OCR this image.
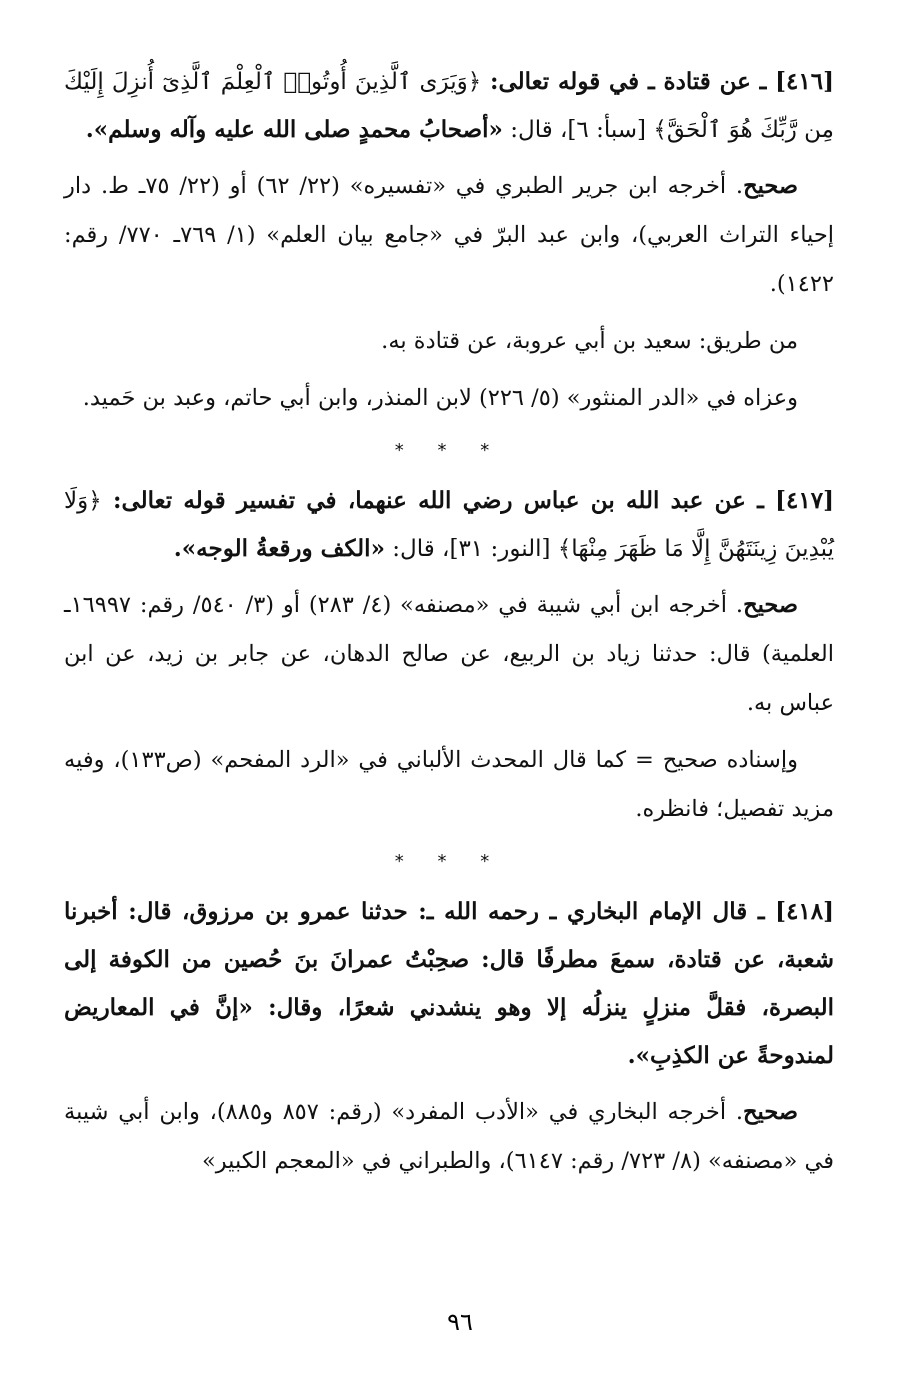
[٤١٦] ـ عن قتادة ـ في قوله تعالى: ﴿وَيَرَى ٱلَّذِينَ أُوتُوا۟ ٱلْعِلْمَ ٱلَّذِىٓ أُنزِلَ إِلَيْكَ مِن رَّبِّكَ هُوَ ٱلْحَقَّ﴾ [سبأ: ٦]، قال: «أصحابُ محمدٍ صلى الله عليه وآله وسلم».

صحيح. أخرجه ابن جرير الطبري في «تفسيره» (٢٢/ ٦٢) أو (٢٢/ ٧٥ـ ط. دار إحياء التراث العربي)، وابن عبد البرّ في «جامع بيان العلم» (١/ ٧٦٩ـ ٧٧٠/ رقم: ١٤٢٢).

من طريق: سعيد بن أبي عروبة، عن قتادة به.

وعزاه في «الدر المنثور» (٥/ ٢٢٦) لابن المنذر، وابن أبي حاتم، وعبد بن حَميد.

* * *

[٤١٧] ـ عن عبد الله بن عباس رضي الله عنهما، في تفسير قوله تعالى: ﴿وَلَا يُبْدِينَ زِينَتَهُنَّ إِلَّا مَا ظَهَرَ مِنْهَا﴾ [النور: ٣١]، قال: «الكف ورقعةُ الوجه».

صحيح. أخرجه ابن أبي شيبة في «مصنفه» (٤/ ٢٨٣) أو (٣/ ٥٤٠/ رقم: ١٦٩٩٧ـ العلمية) قال: حدثنا زياد بن الربيع، عن صالح الدهان، عن جابر بن زيد، عن ابن عباس به.

وإسناده صحيح = كما قال المحدث الألباني في «الرد المفحم» (ص١٣٣)، وفيه مزيد تفصيل؛ فانظره.

* * *

[٤١٨] ـ قال الإمام البخاري ـ رحمه الله ـ: حدثنا عمرو بن مرزوق، قال: أخبرنا شعبة، عن قتادة، سمعَ مطرفًا قال: صحِبْتُ عمرانَ بنَ حُصين من الكوفة إلى البصرة، فقلَّ منزلٍ ينزلُه إلا وهو ينشدني شعرًا، وقال: «إنَّ في المعاريض لمندوحةً عن الكذِبِ».

صحيح. أخرجه البخاري في «الأدب المفرد» (رقم: ٨٥٧ و٨٨٥)، وابن أبي شيبة في «مصنفه» (٨/ ٧٢٣/ رقم: ٦١٤٧)، والطبراني في «المعجم الكبير»

٩٦
